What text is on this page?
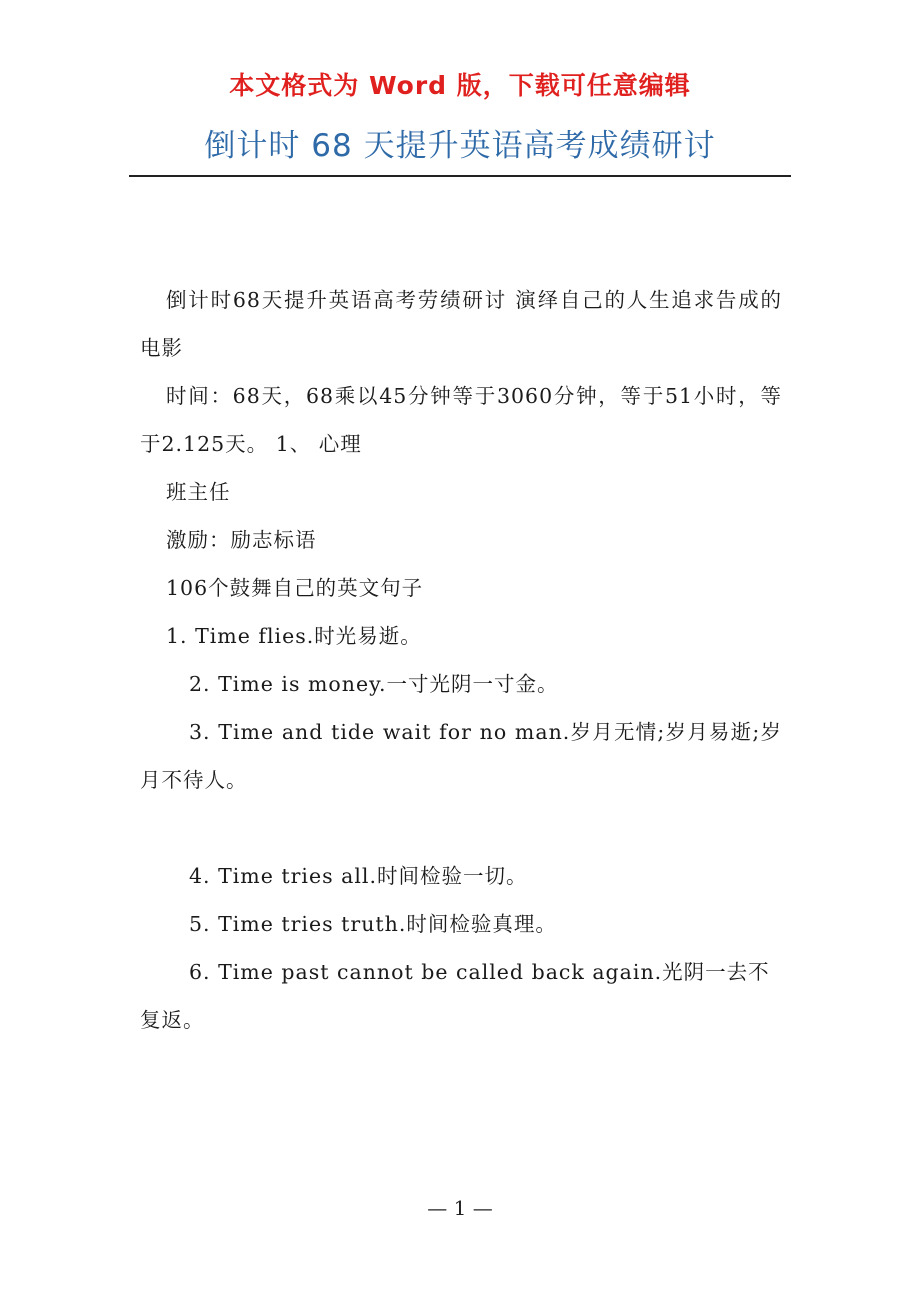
本文格式为 Word 版，下载可任意编辑
倒计时 68 天提升英语高考成绩研讨

倒计时68天提升英语高考劳绩研讨 演绎自己的人生追求告成的电影

时间：68天，68乘以45分钟等于3060分钟，等于51小时，等于2.125天。 1、 心理

班主任

激励：励志标语

106个鼓舞自己的英文句子

1. Time flies.时光易逝。

2. Time is money.一寸光阴一寸金。

3. Time and tide wait for no man.岁月无情;岁月易逝;岁月不待人。

4. Time tries all.时间检验一切。

5. Time tries truth.时间检验真理。

6. Time past cannot be called back again.光阴一去不复返。

— 1 —
